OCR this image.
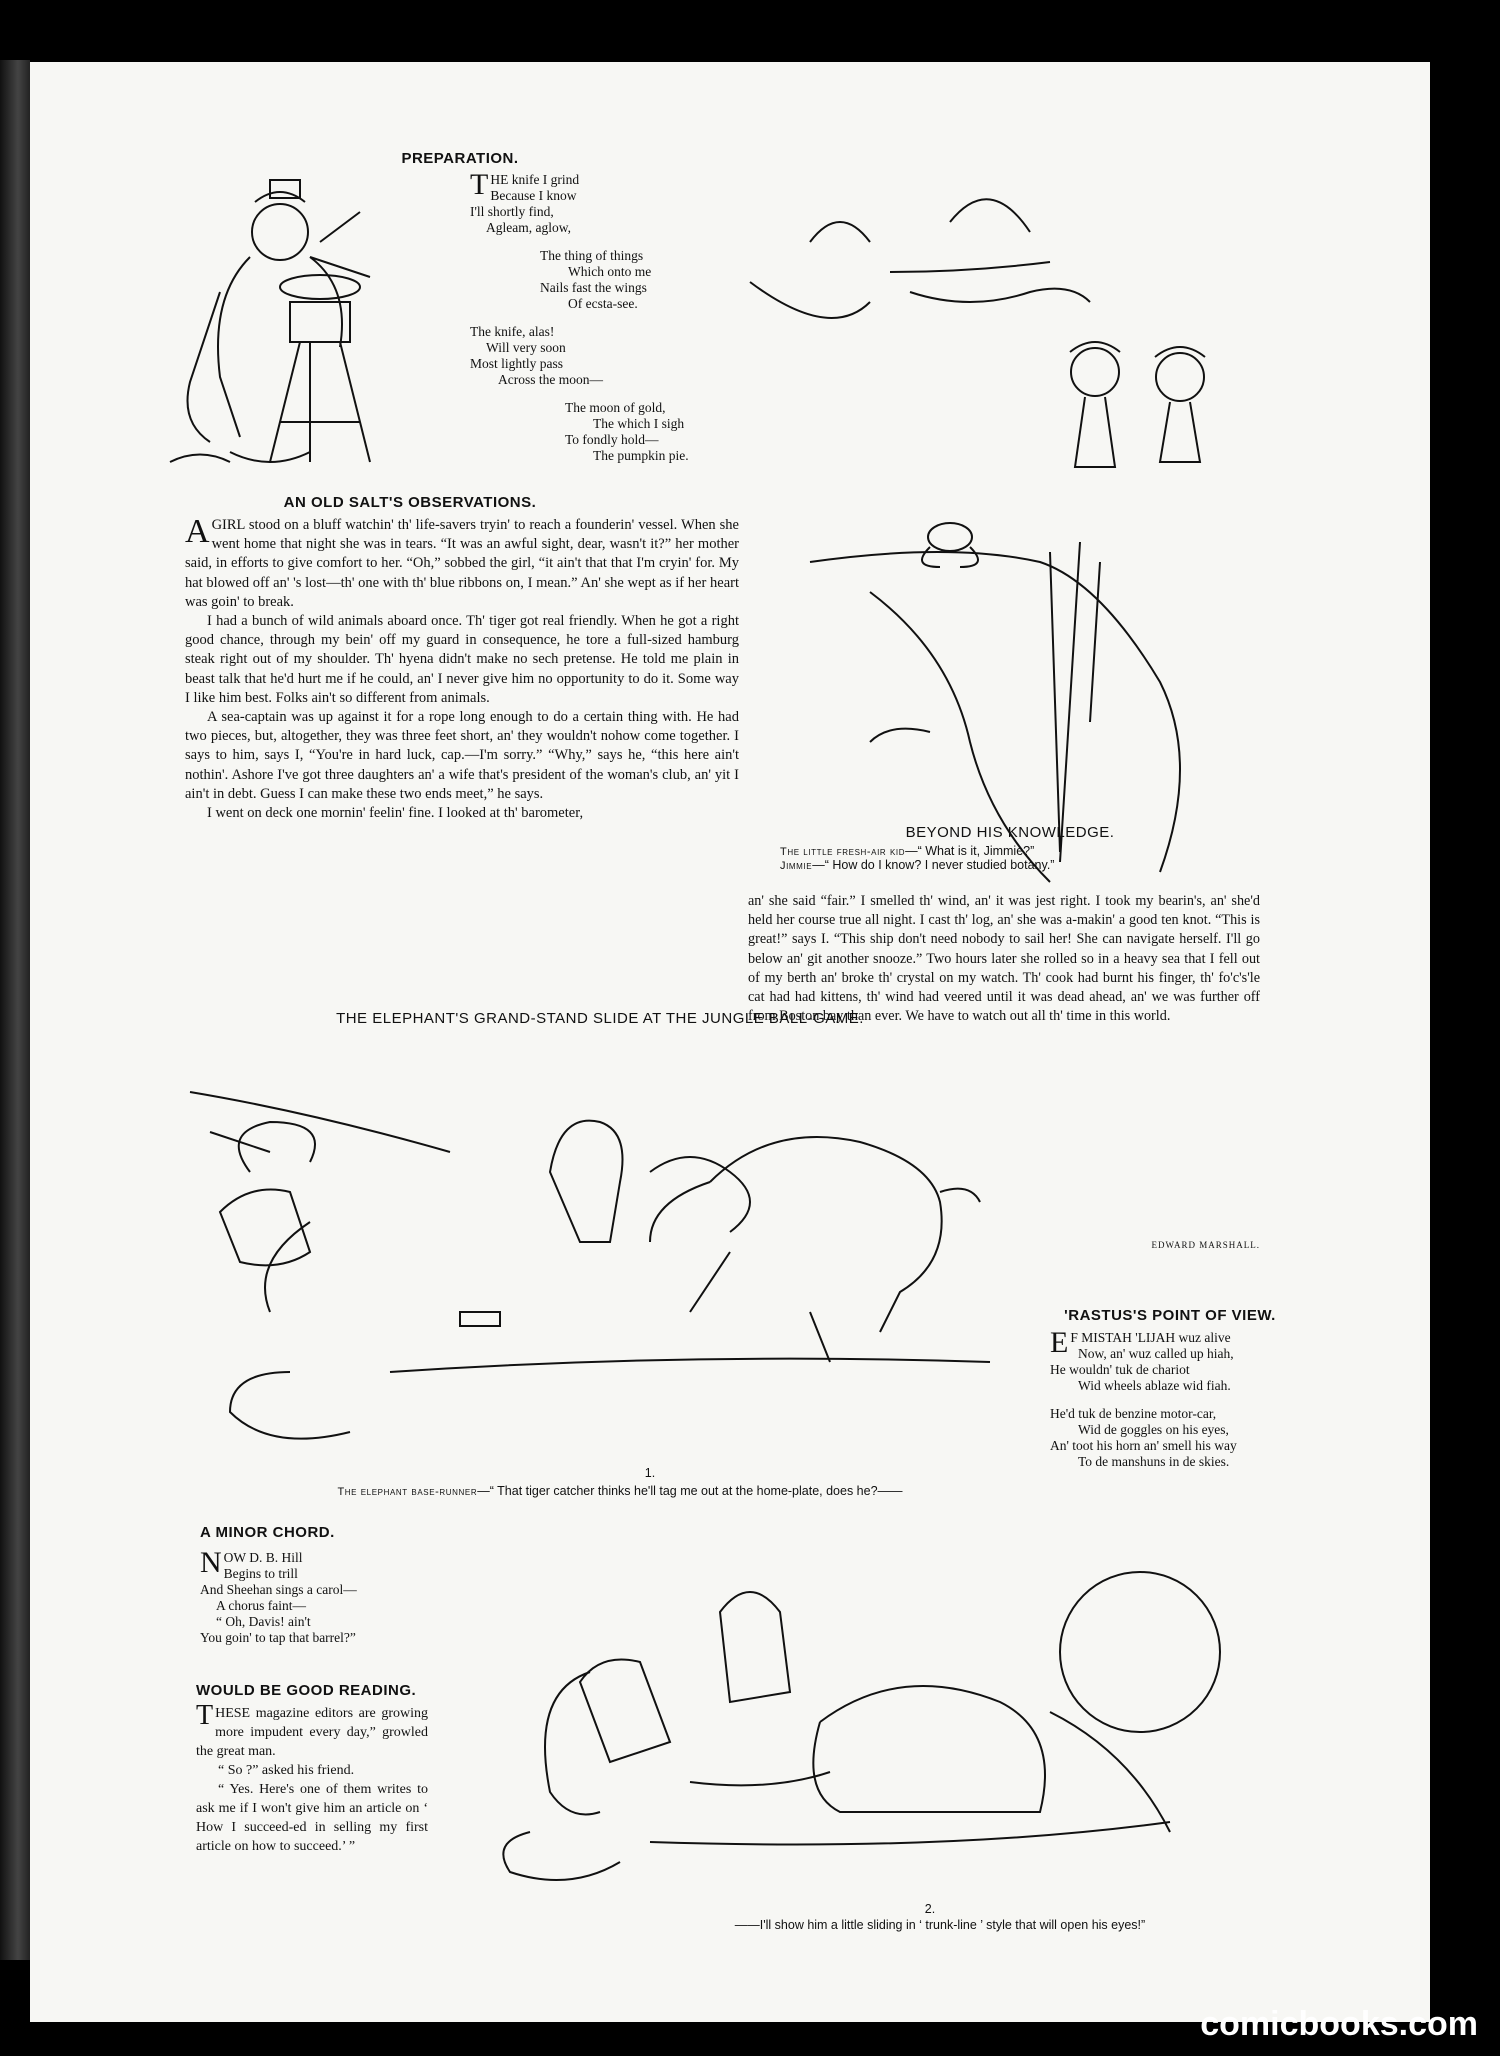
PREPARATION.

T HE knife I grind
Because I know
I'll shortly find,
Agleam, aglow,

The thing of things
Which onto me
Nails fast the wings
Of ecsta-see.

The knife, alas!
Will very soon
Most lightly pass
Across the moon—

The moon of gold,
The which I sigh
To fondly hold—
The pumpkin pie.

AN OLD SALT'S OBSERVATIONS.

AGIRL stood on a bluff watchin' th' life-savers tryin' to reach a founderin' vessel. When she went home that night she was in tears. “It was an awful sight, dear, wasn't it?” her mother said, in efforts to give comfort to her. “Oh,” sobbed the girl, “it ain't that that I'm cryin' for. My hat blowed off an' 's lost—th' one with th' blue ribbons on, I mean.” An' she wept as if her heart was goin' to break.

I had a bunch of wild animals aboard once. Th' tiger got real friendly. When he got a right good chance, through my bein' off my guard in consequence, he tore a full-sized hamburg steak right out of my shoulder. Th' hyena didn't make no sech pretense. He told me plain in beast talk that he'd hurt me if he could, an' I never give him no opportunity to do it. Some way I like him best. Folks ain't so different from animals.

A sea-captain was up against it for a rope long enough to do a certain thing with. He had two pieces, but, altogether, they was three feet short, an' they wouldn't nohow come together. I says to him, says I, “You're in hard luck, cap.—I'm sorry.” “Why,” says he, “this here ain't nothin'. Ashore I've got three daughters an' a wife that's president of the woman's club, an' yit I ain't in debt. Guess I can make these two ends meet,” he says.

I went on deck one mornin' feelin' fine. I looked at th' barometer,

BEYOND HIS KNOWLEDGE.
The little fresh-air kid—“ What is it, Jimmie?”
Jimmie—“ How do I know? I never studied botany.”

an' she said “fair.” I smelled th' wind, an' it was jest right. I took my bearin's, an' she'd held her course true all night. I cast th' log, an' she was a-makin' a good ten knot. “This is great!” says I. “This ship don't need nobody to sail her! She can navigate herself. I'll go below an' git another snooze.” Two hours later she rolled so in a heavy sea that I fell out of my berth an' broke th' crystal on my watch. Th' cook had burnt his finger, th' fo'c's'le cat had had kittens, th' wind had veered until it was dead ahead, an' we was further off from Boston bay than ever. We have to watch out all th' time in this world.

EDWARD MARSHALL.
THE ELEPHANT'S GRAND-STAND SLIDE AT THE JUNGLE BALL-GAME.
1.
The elephant base-runner—“ That tiger catcher thinks he'll tag me out at the home-plate, does he?——
'RASTUS'S POINT OF VIEW.

E F MISTAH 'LIJAH wuz alive
Now, an' wuz called up hiah,
He wouldn' tuk de chariot
Wid wheels ablaze wid fiah.

He'd tuk de benzine motor-car,
Wid de goggles on his eyes,
An' toot his horn an' smell his way
To de manshuns in de skies.

A MINOR CHORD.

N OW D. B. Hill
Begins to trill
And Sheehan sings a carol—
A chorus faint—
“ Oh, Davis! ain't
You goin' to tap that barrel?”

WOULD BE GOOD READING.

THESE magazine editors are growing more impudent every day,” growled the great man.

“ So ?” asked his friend.

“ Yes. Here's one of them writes to ask me if I won't give him an article on ‘ How I succeed-ed in selling my first article on how to succeed.’ ”

2.
——I'll show him a little sliding in ‘ trunk-line ’ style that will open his eyes!”
comicbooks.com
